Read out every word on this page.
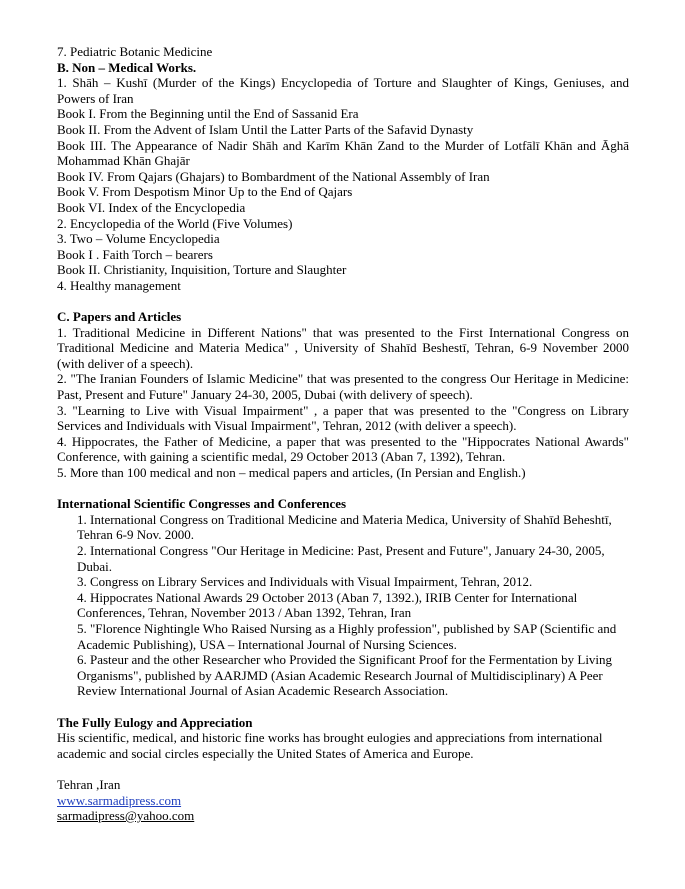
7. Pediatric Botanic Medicine
B. Non – Medical Works.
1. Shāh – Kushī (Murder of the Kings) Encyclopedia of Torture and Slaughter of Kings, Geniuses, and Powers of Iran
Book I. From the Beginning until the End of Sassanid Era
Book II. From the Advent of Islam Until the Latter Parts of the Safavid Dynasty
Book III. The Appearance of Nadir Shāh and Karīm Khān Zand to the Murder of Lotfālī Khān and Āghā Mohammad Khān Ghajār
Book IV. From Qajars (Ghajars) to Bombardment of the National Assembly of Iran
Book V. From Despotism Minor Up to the End of Qajars
Book VI. Index of the Encyclopedia
2. Encyclopedia of the World (Five Volumes)
3. Two – Volume Encyclopedia
Book I . Faith Torch – bearers
Book II. Christianity, Inquisition, Torture and Slaughter
4. Healthy management
C. Papers and Articles
1. Traditional Medicine in Different Nations" that was presented to the First International Congress on Traditional Medicine and Materia Medica" , University of Shahīd Beshestī, Tehran, 6-9 November 2000 (with deliver of a speech).
2. "The Iranian Founders of Islamic Medicine" that was presented to the congress Our Heritage in Medicine: Past, Present and Future" January 24-30, 2005, Dubai (with delivery of speech).
3. "Learning to Live with Visual Impairment" , a paper that was presented to the "Congress on Library Services and Individuals with Visual Impairment", Tehran, 2012 (with deliver a speech).
4. Hippocrates, the Father of Medicine, a paper that was presented to the "Hippocrates National Awards" Conference, with gaining a scientific medal, 29 October 2013 (Aban 7, 1392), Tehran.
5. More than 100 medical and non – medical papers and articles, (In Persian and English.)
International Scientific Congresses and Conferences
1. International Congress on Traditional Medicine and Materia Medica, University of Shahīd Beheshtī, Tehran 6-9 Nov. 2000.
2. International Congress "Our Heritage in Medicine: Past, Present and Future", January 24-30, 2005, Dubai.
3. Congress on Library Services and Individuals with Visual Impairment, Tehran, 2012.
4. Hippocrates National Awards 29 October 2013 (Aban 7, 1392.), IRIB Center for International Conferences, Tehran, November 2013 / Aban 1392, Tehran, Iran
5. "Florence Nightingle Who Raised Nursing as a Highly profession", published by SAP (Scientific and Academic Publishing), USA – International Journal of Nursing Sciences.
6. Pasteur and the other Researcher who Provided the Significant Proof for the Fermentation by Living Organisms", published by AARJMD (Asian Academic Research Journal of Multidisciplinary) A Peer Review International Journal of Asian Academic Research Association.
The Fully Eulogy and Appreciation
His scientific, medical, and historic fine works has brought eulogies and appreciations from international academic and social circles especially the United States of America and Europe.
Tehran ,Iran
www.sarmadipress.com
sarmadipress@yahoo.com
